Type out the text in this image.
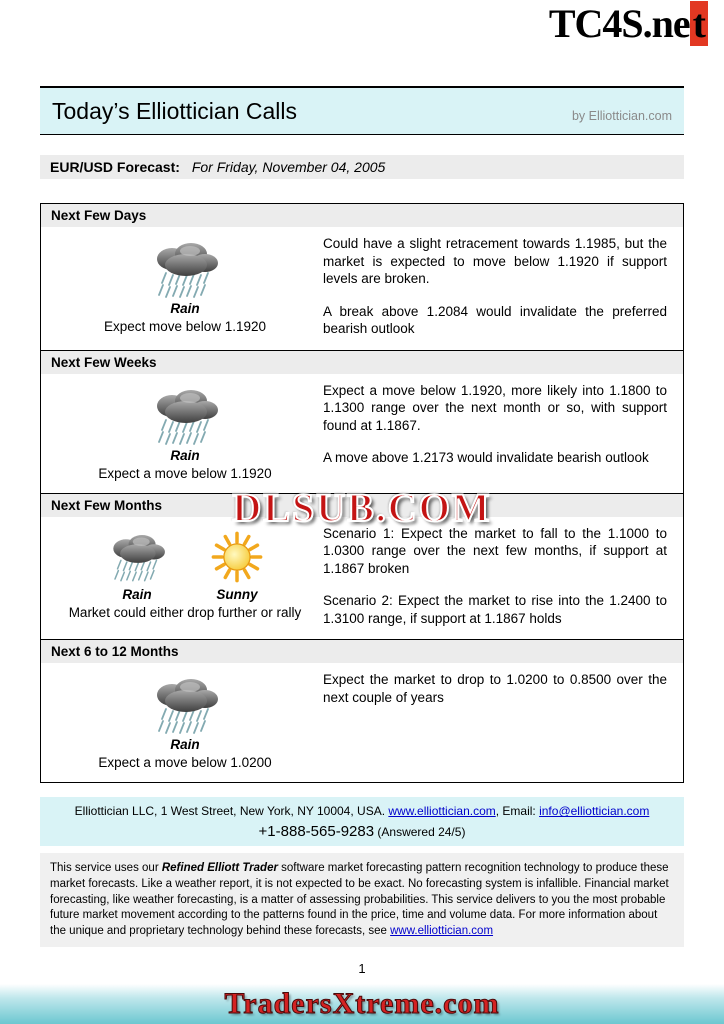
TC4S.net
Today’s Elliottician Calls	by Elliottician.com
EUR/USD Forecast: For Friday, November 04, 2005
Next Few Days
Rain
Expect move below 1.1920

Could have a slight retracement towards 1.1985, but the market is expected to move below 1.1920 if support levels are broken.

A break above 1.2084 would invalidate the preferred bearish outlook

Next Few Weeks
Rain
Expect a move below 1.1920

Expect a move below 1.1920, more likely into 1.1800 to 1.1300 range over the next month or so, with support found at 1.1867.

A move above 1.2173 would invalidate bearish outlook

DLSUB.COM
Next Few Months
Rain	Sunny
Market could either drop further or rally

Scenario 1: Expect the market to fall to the 1.1000 to 1.0300 range over the next few months, if support at 1.1867 broken

Scenario 2: Expect the market to rise into the 1.2400 to 1.3100 range, if support at 1.1867 holds

Next 6 to 12 Months
Rain
Expect a move below 1.0200

Expect the market to drop to 1.0200 to 0.8500 over the next couple of years

Elliottician LLC, 1 West Street, New York, NY 10004, USA. www.elliottician.com, Email: info@elliottician.com
+1-888-565-9283 (Answered 24/5)
This service uses our Refined Elliott Trader software market forecasting pattern recognition technology to produce these market forecasts. Like a weather report, it is not expected to be exact. No forecasting system is infallible. Financial market forecasting, like weather forecasting, is a matter of assessing probabilities. This service delivers to you the most probable future market movement according to the patterns found in the price, time and volume data. For more information about the unique and proprietary technology behind these forecasts, see www.elliottician.com
1
TradersXtreme.com
